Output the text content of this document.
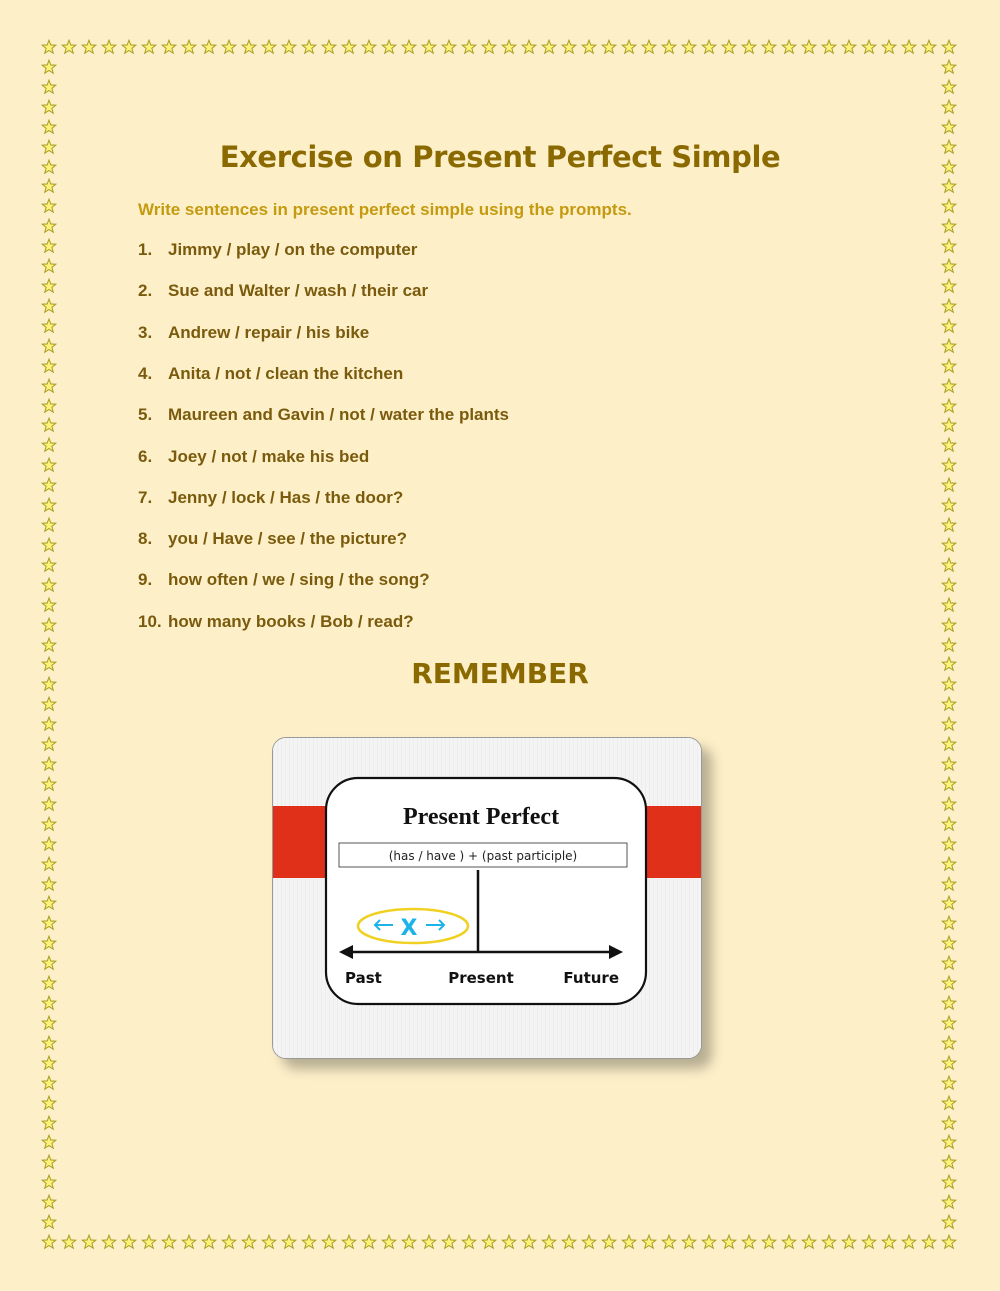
Exercise on Present Perfect Simple
Write sentences in present perfect simple using the prompts.
1. Jimmy / play / on the computer
2. Sue and Walter / wash / their car
3. Andrew / repair / his bike
4. Anita / not / clean the kitchen
5. Maureen and Gavin / not / water the plants
6. Joey / not / make his bed
7. Jenny / lock / Has / the door?
8. you / Have / see / the picture?
9. how often / we / sing / the song?
10. how many books / Bob / read?
REMEMBER
Present Perfect
(has / have ) + (past participle)
X
Past	Present	Future
